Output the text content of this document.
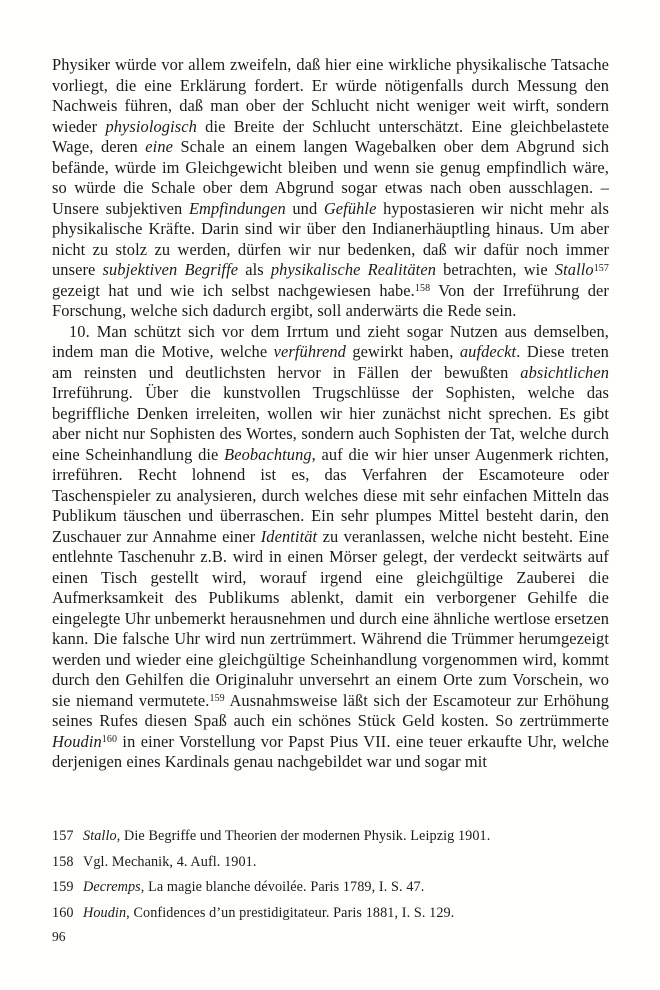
Physiker würde vor allem zweifeln, daß hier eine wirkliche physikalische Tatsache vorliegt, die eine Erklärung fordert. Er würde nötigenfalls durch Messung den Nachweis führen, daß man ober der Schlucht nicht weniger weit wirft, sondern wieder physiologisch die Breite der Schlucht unterschätzt. Eine gleichbelastete Wage, deren eine Schale an einem langen Wagebalken ober dem Abgrund sich befände, würde im Gleichgewicht bleiben und wenn sie genug empfindlich wäre, so würde die Schale ober dem Abgrund sogar etwas nach oben ausschlagen. – Unsere subjektiven Empfindungen und Gefühle hypostasieren wir nicht mehr als physikalische Kräfte. Darin sind wir über den Indianerhäuptling hinaus. Um aber nicht zu stolz zu werden, dürfen wir nur bedenken, daß wir dafür noch immer unsere subjektiven Begriffe als physikalische Realitäten betrachten, wie Stallo$^{157}$ gezeigt hat und wie ich selbst nachgewiesen habe.$^{158}$ Von der Irreführung der Forschung, welche sich dadurch ergibt, soll anderwärts die Rede sein.

10. Man schützt sich vor dem Irrtum und zieht sogar Nutzen aus demselben, indem man die Motive, welche verführend gewirkt haben, aufdeckt. Diese treten am reinsten und deutlichsten hervor in Fällen der bewußten absichtlichen Irreführung. Über die kunstvollen Trugschlüsse der Sophisten, welche das begriffliche Denken irreleiten, wollen wir hier zunächst nicht sprechen. Es gibt aber nicht nur Sophisten des Wortes, sondern auch Sophisten der Tat, welche durch eine Scheinhandlung die Beobachtung, auf die wir hier unser Augenmerk richten, irreführen. Recht lohnend ist es, das Verfahren der Escamoteure oder Taschenspieler zu analysieren, durch welches diese mit sehr einfachen Mitteln das Publikum täuschen und überraschen. Ein sehr plumpes Mittel besteht darin, den Zuschauer zur Annahme einer Identität zu veranlassen, welche nicht besteht. Eine entlehnte Taschenuhr z.B. wird in einen Mörser gelegt, der verdeckt seitwärts auf einen Tisch gestellt wird, worauf irgend eine gleichgültige Zauberei die Aufmerksamkeit des Publikums ablenkt, damit ein verborgener Gehilfe die eingelegte Uhr unbemerkt herausnehmen und durch eine ähnliche wertlose ersetzen kann. Die falsche Uhr wird nun zertrümmert. Während die Trümmer herumgezeigt werden und wieder eine gleichgültige Scheinhandlung vorgenommen wird, kommt durch den Gehilfen die Originaluhr unversehrt an einem Orte zum Vorschein, wo sie niemand vermutete.$^{159}$ Ausnahmsweise läßt sich der Escamoteur zur Erhöhung seines Rufes diesen Spaß auch ein schönes Stück Geld kosten. So zertrümmerte Houdin$^{160}$ in einer Vorstellung vor Papst Pius VII. eine teuer erkaufte Uhr, welche derjenigen eines Kardinals genau nachgebildet war und sogar mit

157 Stallo, Die Begriffe und Theorien der modernen Physik. Leipzig 1901.
158 Vgl. Mechanik, 4. Aufl. 1901.
159 Decremps, La magie blanche dévoilée. Paris 1789, I. S. 47.
160 Houdin, Confidences d’un prestidigitateur. Paris 1881, I. S. 129.
96
